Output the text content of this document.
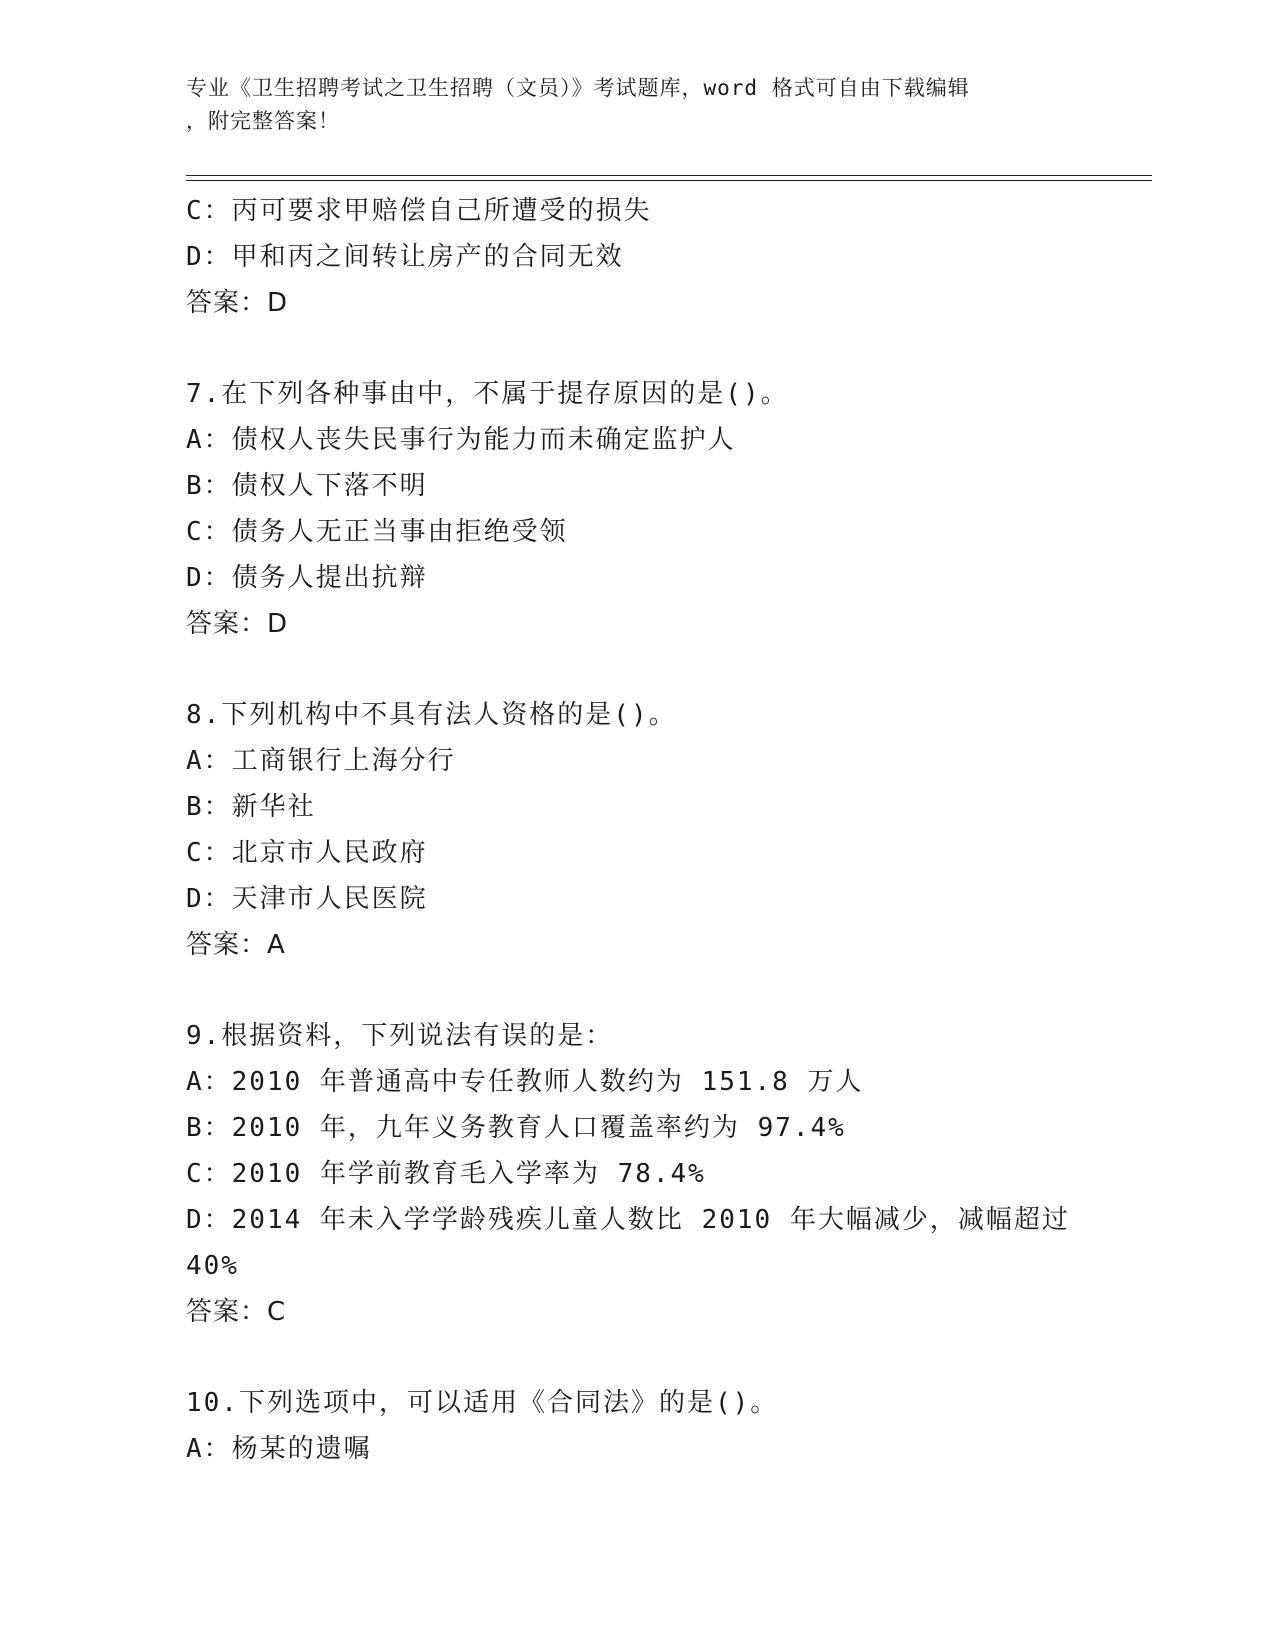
专业《卫生招聘考试之卫生招聘（文员）》考试题库，word 格式可自由下载编辑
，附完整答案！
C：丙可要求甲赔偿自己所遭受的损失
D：甲和丙之间转让房产的合同无效
答案：D
7.在下列各种事由中，不属于提存原因的是()。
A：债权人丧失民事行为能力而未确定监护人
B：债权人下落不明
C：债务人无正当事由拒绝受领
D：债务人提出抗辩
答案：D
8.下列机构中不具有法人资格的是()。
A：工商银行上海分行
B：新华社
C：北京市人民政府
D：天津市人民医院
答案：A
9.根据资料，下列说法有误的是：
A：2010 年普通高中专任教师人数约为 151.8 万人
B：2010 年，九年义务教育人口覆盖率约为 97.4%
C：2010 年学前教育毛入学率为 78.4%
D：2014 年未入学学龄残疾儿童人数比 2010 年大幅减少，减幅超过
40%
答案：C
10.下列选项中，可以适用《合同法》的是()。
A：杨某的遗嘱
